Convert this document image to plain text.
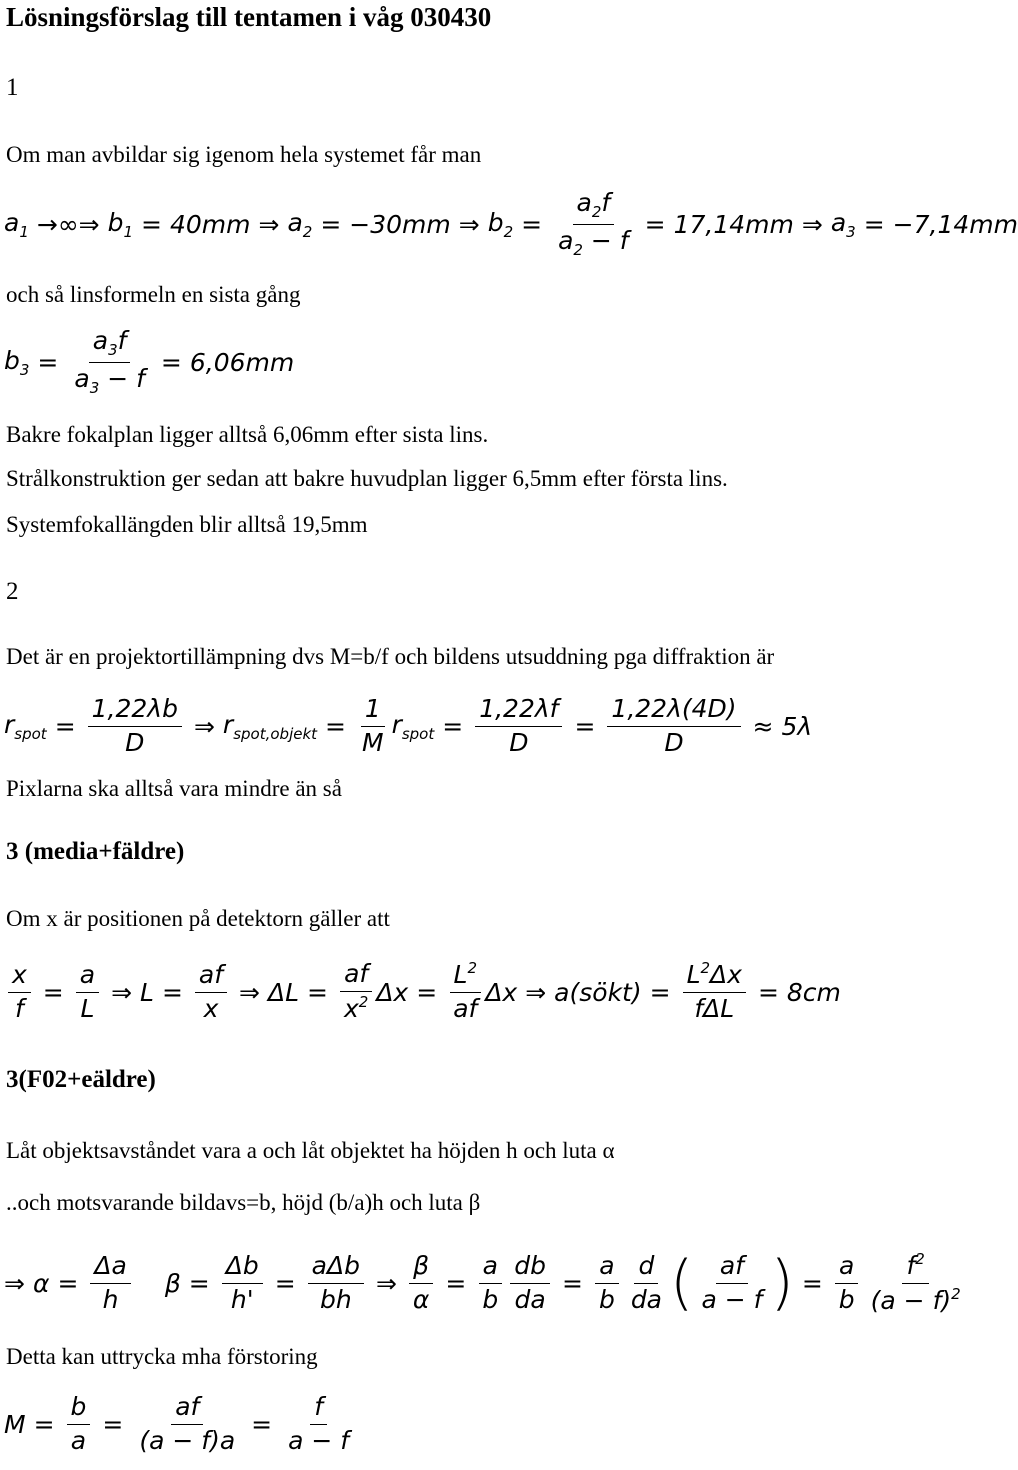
Lösningsförslag till tentamen i våg 030430
1
Om man avbildar sig igenom hela systemet får man
$a_1$ →∞⇒ $b_1 = 40mm$ ⇒ $a_2 = -30mm$ ⇒ $b_2 = \frac{a_2f}{a_2 - f} = 17,14mm$ ⇒ $a_3 = -7,14mm$
och så linsformeln en sista gång
$b_3 = \frac{a_3f}{a_3 - f} = 6,06mm$
Bakre fokalplan ligger alltså 6,06mm efter sista lins.
Strålkonstruktion ger sedan att bakre huvudplan ligger 6,5mm efter första lins.
Systemfokallängden blir alltså 19,5mm
2
Det är en projektortillämpning dvs M=b/f och bildens utsuddning pga diffraktion är
$r_{spot} = \frac{1,22\lambda b}{D}$ ⇒ $r_{spot,objekt} = \frac{1}{M} r_{spot} = \frac{1,22\lambda f}{D} = \frac{1,22\lambda(4D)}{D} \approx 5\lambda$
Pixlarna ska alltså vara mindre än så
3 (media+fäldre)
Om x är positionen på detektorn gäller att
$\frac{x}{f} = \frac{a}{L}$ ⇒ $L = \frac{af}{x}$ ⇒ $\Delta L = \frac{af}{x^2}$ $\Delta x = \frac{L^2}{af}$ Δx ⇒ a(sökt) = $\frac{L^2\Delta x}{\text{fΔL}} = 8cm$
3(F02+eäldre)
Låt objektsavståndet vara a och låt objektet ha höjden h och luta α
..och motsvarande bildavs=b, höjd (b/a)h och luta β
⇒ $\alpha = \frac{\Delta a}{h}$ $\beta = \frac{\Delta b}{h'} = \frac{\text{aΔb}}{bh}$ ⇒ $\frac{\beta}{\alpha} = \frac{a}{b} \frac{db}{da} = \frac{a}{b} \frac{d}{da}$ ( $\frac{af}{a - f}$ ) = $\frac{a}{b} \frac{f^2}{(a - f)^2}$
Detta kan uttrycka mha förstoring
$M = \frac{b}{a} = \frac{af}{(a - f)a} = \frac{f}{a - f}$
